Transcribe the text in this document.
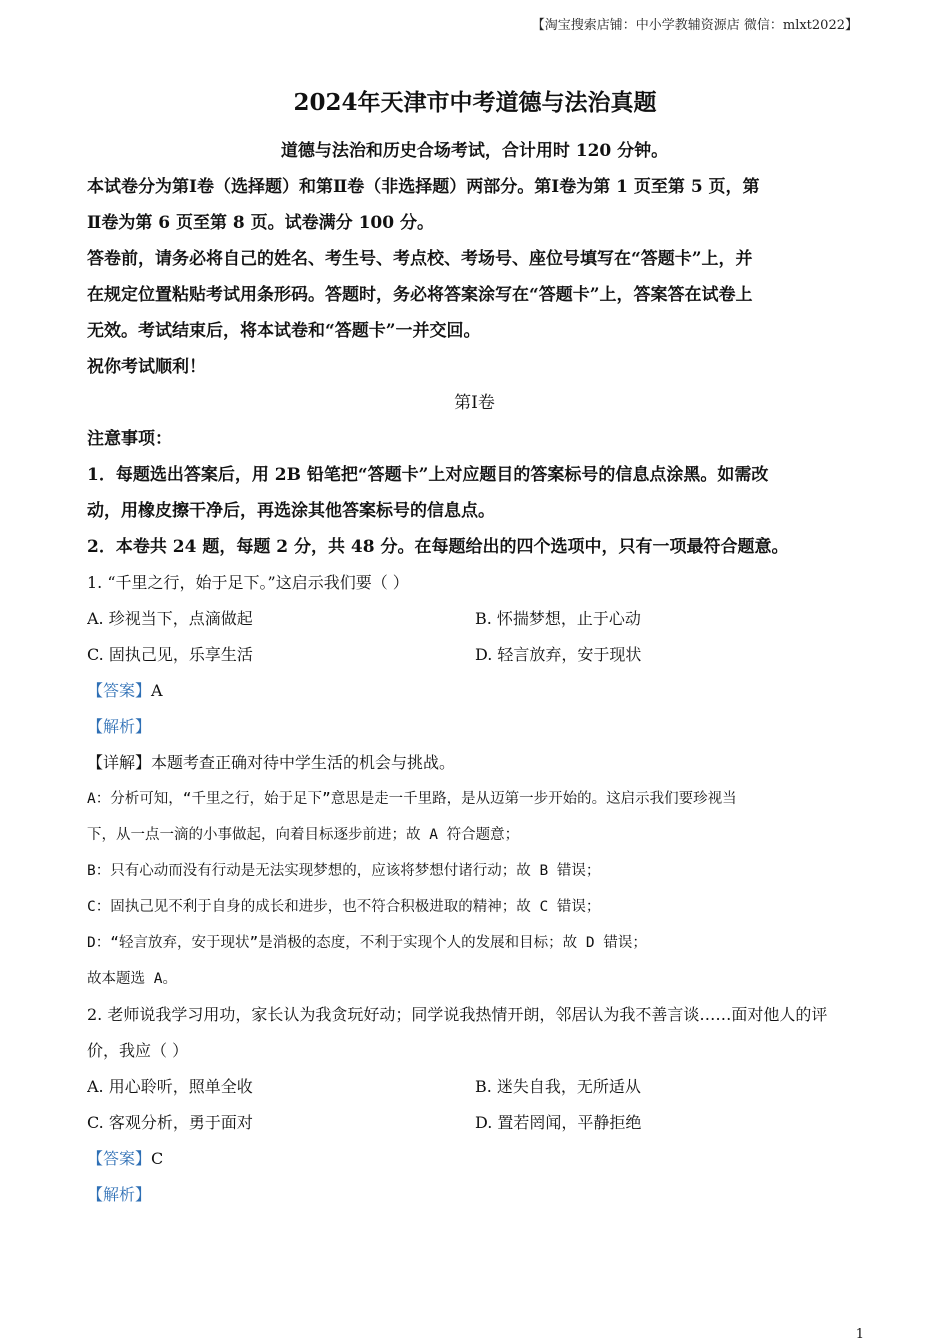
【淘宝搜索店铺：中小学教辅资源店 微信：mlxt2022】
2024年天津市中考道德与法治真题
道德与法治和历史合场考试，合计用时 120 分钟。
本试卷分为第Ⅰ卷（选择题）和第Ⅱ卷（非选择题）两部分。第Ⅰ卷为第 1 页至第 5 页，第
Ⅱ卷为第 6 页至第 8 页。试卷满分 100 分。
答卷前，请务必将自己的姓名、考生号、考点校、考场号、座位号填写在“答题卡”上，并
在规定位置粘贴考试用条形码。答题时，务必将答案涂写在“答题卡”上，答案答在试卷上
无效。考试结束后，将本试卷和“答题卡”一并交回。
祝你考试顺利！
第Ⅰ卷
注意事项：
1．每题选出答案后，用 2B 铅笔把“答题卡”上对应题目的答案标号的信息点涂黑。如需改
动，用橡皮擦干净后，再选涂其他答案标号的信息点。
2．本卷共 24 题，每题 2 分，共 48 分。在每题给出的四个选项中，只有一项最符合题意。
1. “千里之行，始于足下。”这启示我们要（ ）
A. 珍视当下，点滴做起	B. 怀揣梦想，止于心动
C. 固执己见，乐享生活	D. 轻言放弃，安于现状
【答案】A
【解析】
【详解】本题考查正确对待中学生活的机会与挑战。
A：分析可知，“千里之行，始于足下”意思是走一千里路，是从迈第一步开始的。这启示我们要珍视当
下，从一点一滴的小事做起，向着目标逐步前进；故 A 符合题意；
B：只有心动而没有行动是无法实现梦想的，应该将梦想付诸行动；故 B 错误；
C：固执己见不利于自身的成长和进步，也不符合积极进取的精神；故 C 错误；
D：“轻言放弃，安于现状”是消极的态度，不利于实现个人的发展和目标；故 D 错误；
故本题选 A。
2. 老师说我学习用功，家长认为我贪玩好动；同学说我热情开朗，邻居认为我不善言谈……面对他人的评
价，我应（ ）
A. 用心聆听，照单全收	B. 迷失自我，无所适从
C. 客观分析，勇于面对	D. 置若罔闻，平静拒绝
【答案】C
【解析】
1
